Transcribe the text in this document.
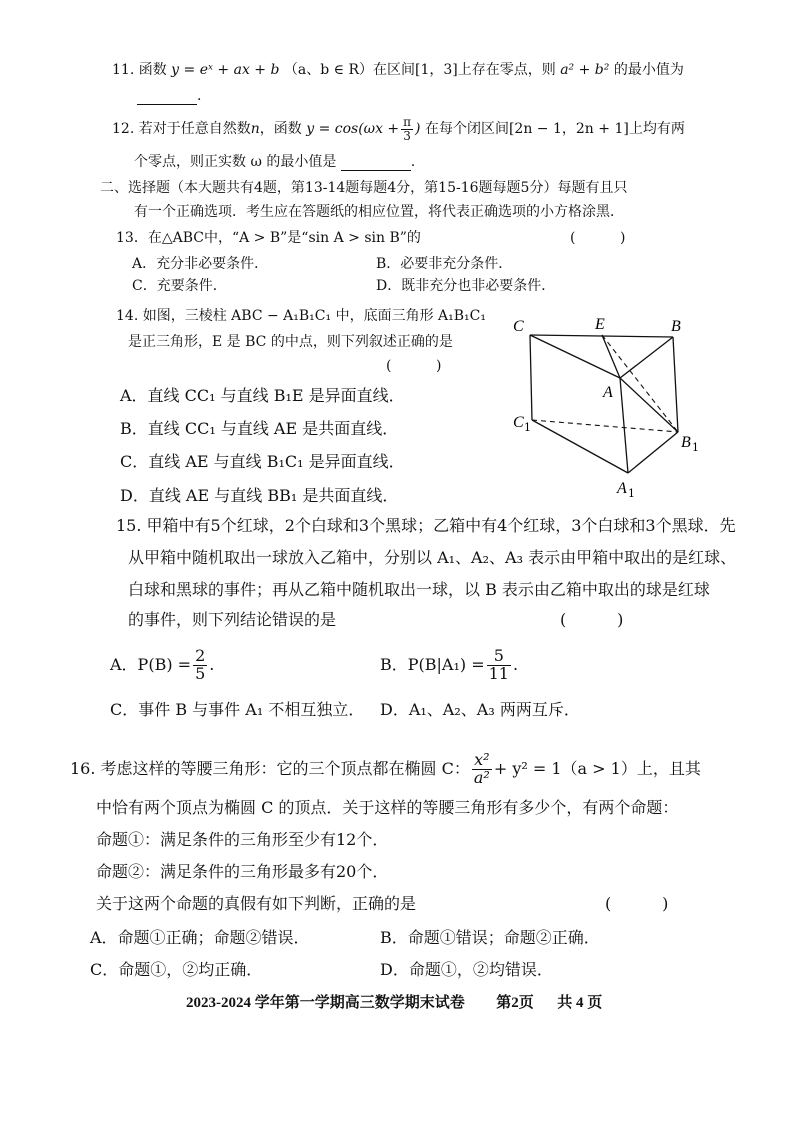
11. 函数 y = eˣ + ax + b （a、b ∈ R）在区间[1，3]上存在零点，则 a² + b² 的最小值为
.
12. 若对于任意自然数n，函数 $y = \cos(\omega x + \frac{\pi}{3}$ ) 在每个闭区间[2n − 1，2n + 1]上均有两
个零点，则正实数 ω 的最小值是	.
二、选择题（本大题共有4题，第13-14题每题4分，第15-16题每题5分）每题有且只
有一个正确选项．考生应在答题纸的相应位置，将代表正确选项的小方格涂黑．
13．在△ABC中，“A > B”是“sin A > sin B”的	(          )
A．充分非必要条件．	B．必要非充分条件．
C．充要条件．	D．既非充分也非必要条件．
14. 如图，三棱柱 ABC − A₁B₁C₁ 中，底面三角形 A₁B₁C₁
是正三角形，E 是 BC 的中点，则下列叙述正确的是
(          )
A．直线 CC₁ 与直线 B₁E 是异面直线．
B．直线 CC₁ 与直线 AE 是共面直线．
C．直线 AE 与直线 B₁C₁ 是异面直线．
D．直线 AE 与直线 BB₁ 是共面直线．
C	E	B
A
C 1
B 1
A 1
15. 甲箱中有5个红球，2个白球和3个黑球；乙箱中有4个红球，3个白球和3个黑球．先
从甲箱中随机取出一球放入乙箱中，分别以 A₁、A₂、A₃ 表示由甲箱中取出的是红球、
白球和黑球的事件；再从乙箱中随机取出一球，以 B 表示由乙箱中取出的球是红球
的事件，则下列结论错误的是	(          )
A．$P(B) = \frac{2}{5}$ .	B．$P(B|A_1) = \frac{5}{11}$ .
C．事件 B 与事件 A₁ 不相互独立． D．A₁、A₂、A₃ 两两互斥．
16. 考虑这样的等腰三角形：它的三个顶点都在椭圆 C： $\frac{\text{x²}}{\text{a²}} + y^2 = 1(a > 1)$上，且其
中恰有两个顶点为椭圆 C 的顶点．关于这样的等腰三角形有多少个，有两个命题：
命题①：满足条件的三角形至少有12个．
命题②：满足条件的三角形最多有20个．
关于这两个命题的真假有如下判断，正确的是	(          )
A．命题①正确；命题②错误．	B．命题①错误；命题②正确．
C．命题①，②均正确．	D．命题①，②均错误．
2023-2024 学年第一学期高三数学期末试卷 第2页 共 4 页
